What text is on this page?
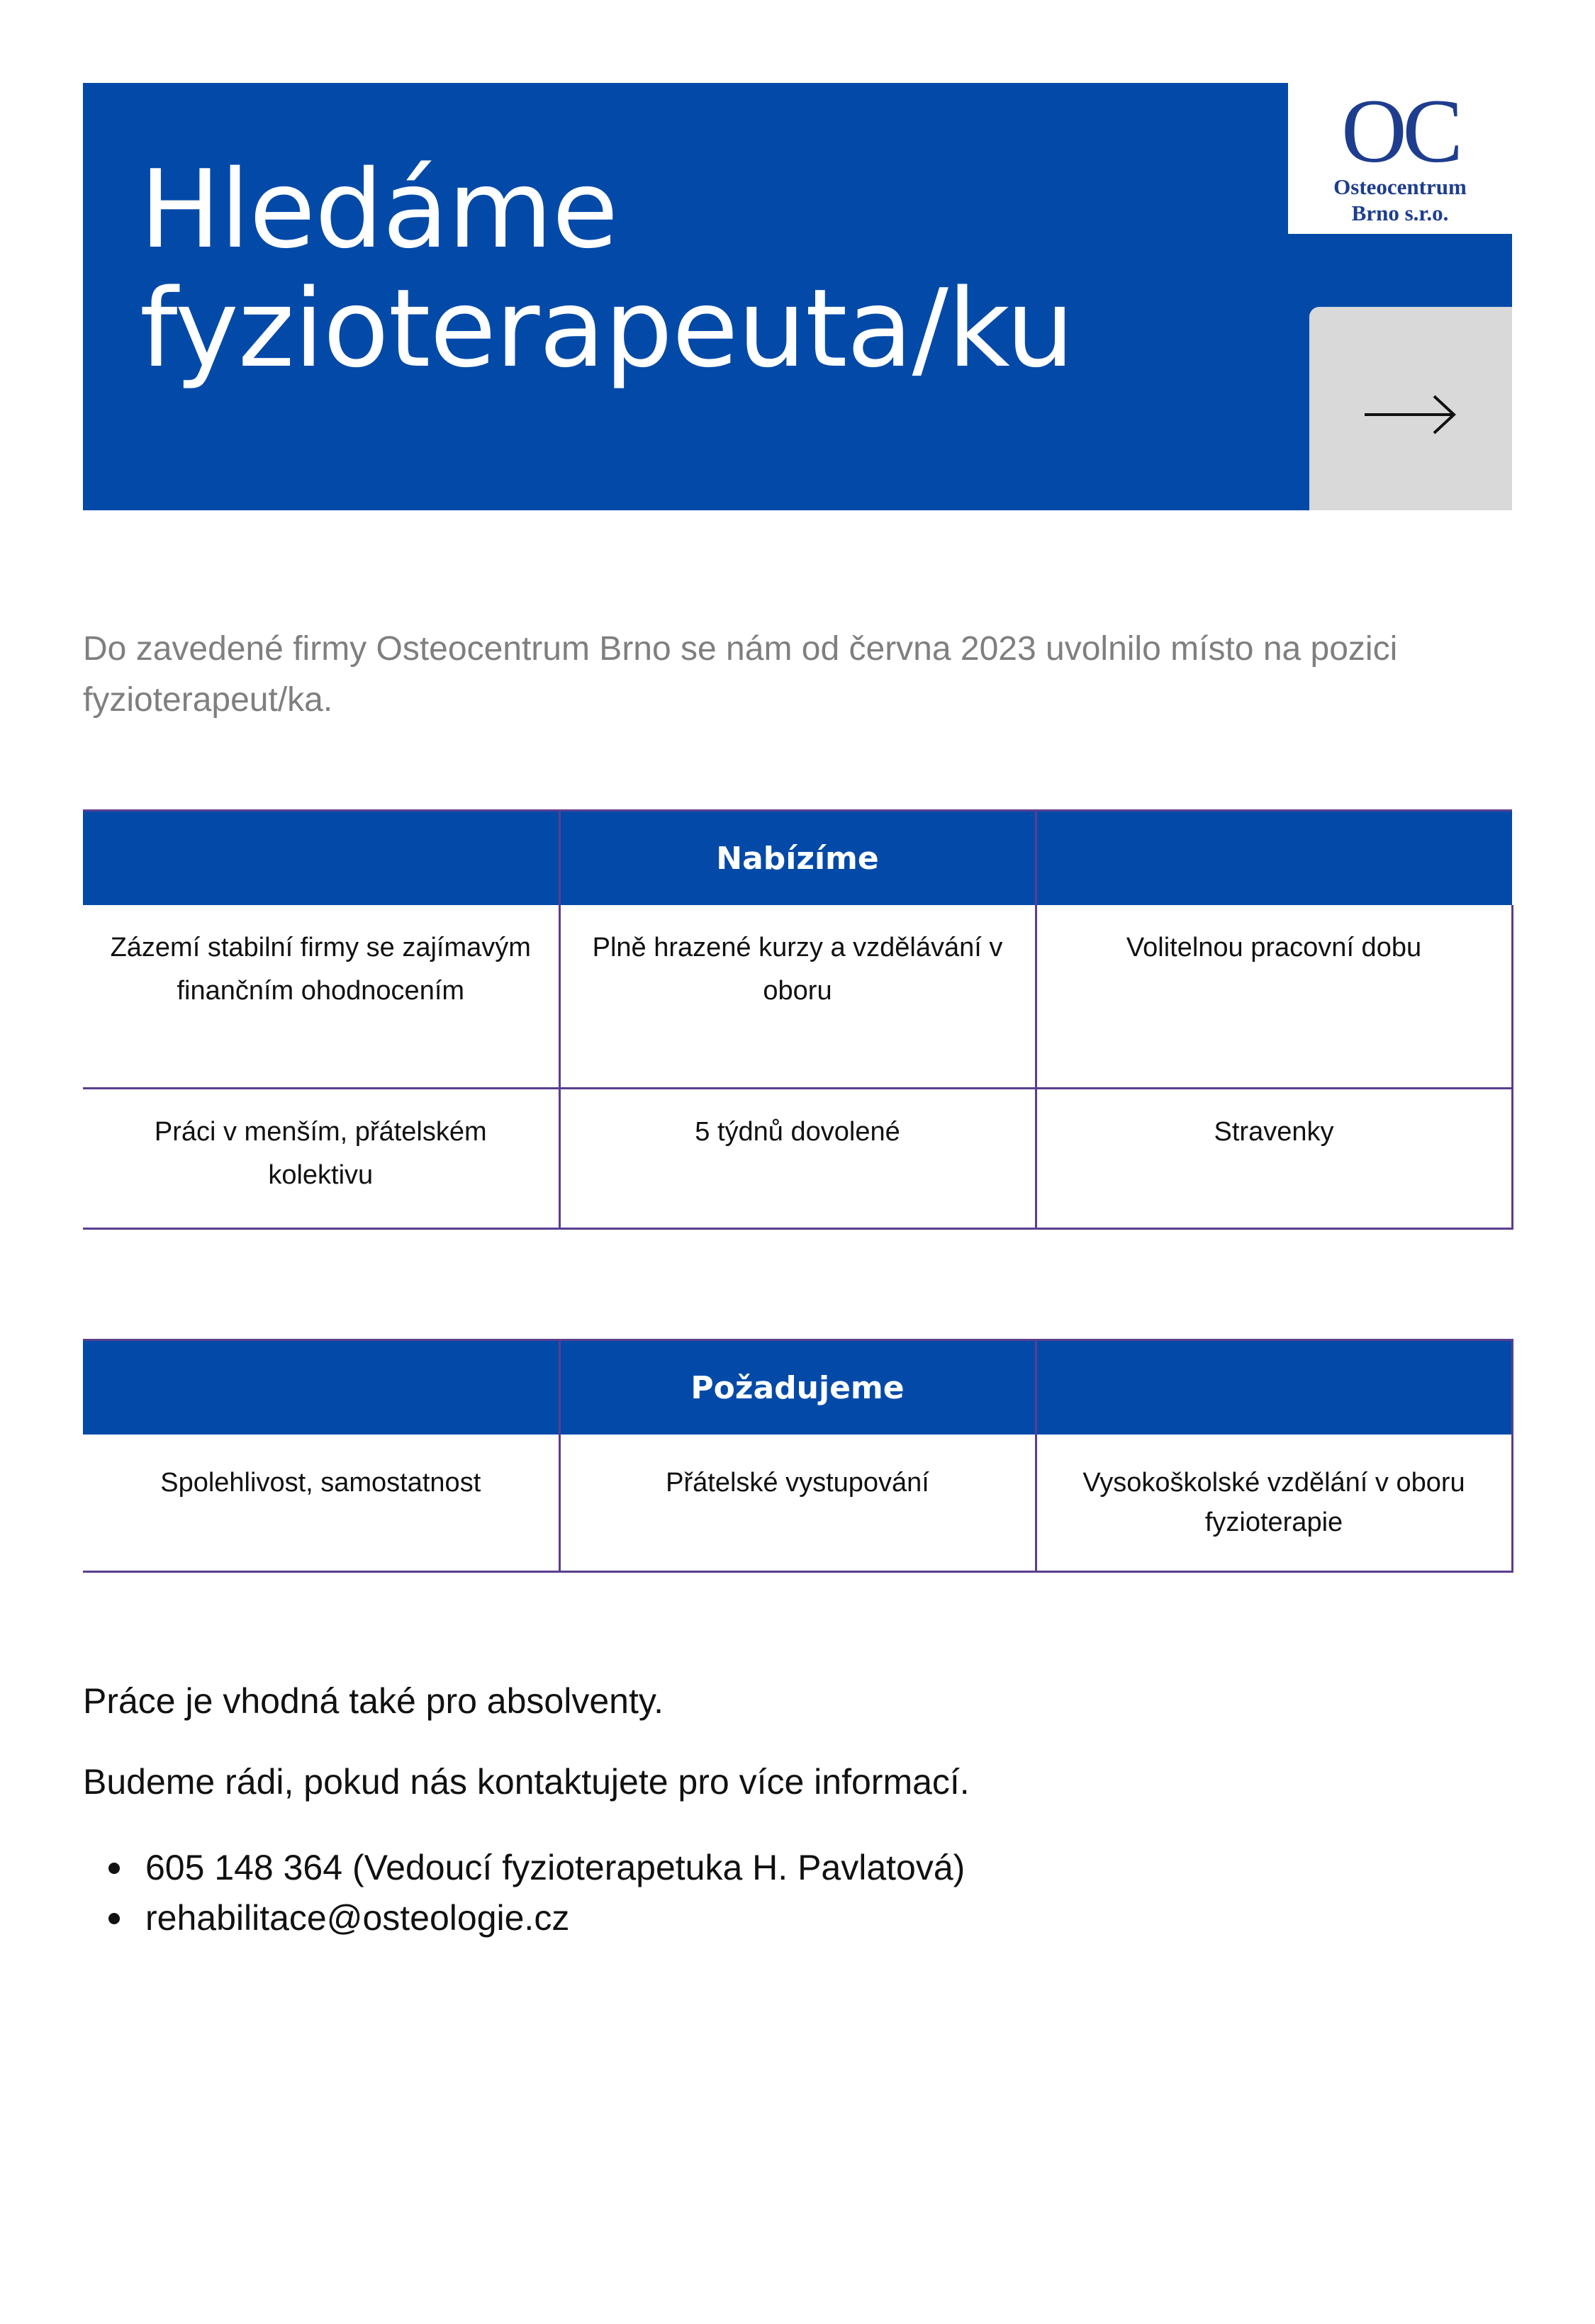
Hledáme
fyzioterapeuta/ku
OC
Osteocentrum
Brno s.r.o.

Do zavedené firmy Osteocentrum Brno se nám od června 2023 uvolnilo místo na pozici fyzioterapeut/ka.

	Nabízíme	
Zázemí stabilní firmy se zajímavým finančním ohodnocením	Plně hrazené kurzy a vzdělávání v oboru	Volitelnou pracovní dobu
Práci v menším, přátelském kolektivu	5 týdnů dovolené	Stravenky
	Požadujeme	
Spolehlivost, samostatnost	Přátelské vystupování	Vysokoškolské vzdělání v oboru fyzioterapie

Práce je vhodná také pro absolventy.

Budeme rádi, pokud nás kontaktujete pro více informací.

605 148 364 (Vedoucí fyzioterapetuka H. Pavlatová)
rehabilitace@osteologie.cz
